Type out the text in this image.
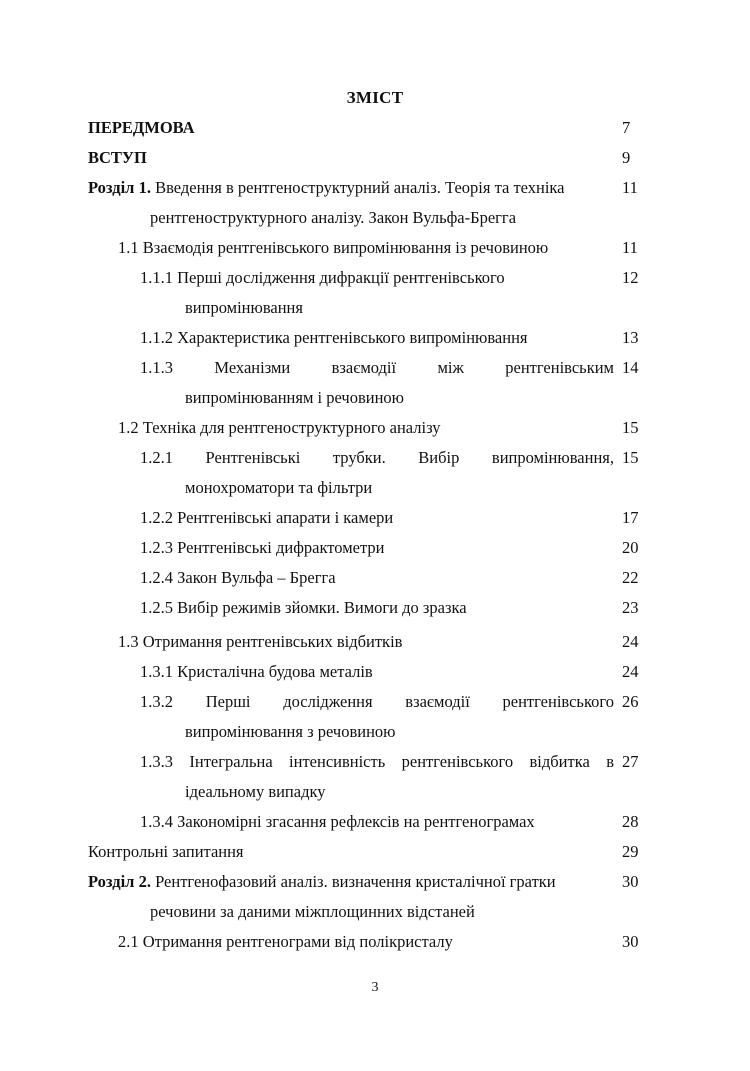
ЗМІСТ
ПЕРЕДМОВА	7
ВСТУП	9
Розділ 1. Введення в рентгеноструктурний аналіз. Теорія та техніка	11
рентгеноструктурного аналізу. Закон Вульфа-Брегга
1.1 Взаємодія рентгенівського випромінювання із речовиною	11
1.1.1 Перші дослідження дифракції рентгенівського	12
випромінювання
1.1.2 Характеристика рентгенівського випромінювання	13
1.1.3 Механізми взаємодії між рентгенівським 14
випромінюванням і речовиною
1.2 Техніка для рентгеноструктурного аналізу	15
1.2.1 Рентгенівські трубки. Вибір випромінювання, 15
монохроматори та фільтри
1.2.2 Рентгенівські апарати і камери	17
1.2.3 Рентгенівські дифрактометри	20
1.2.4 Закон Вульфа – Брегга	22
1.2.5 Вибір режимів зйомки. Вимоги до зразка	23
1.3 Отримання рентгенівських відбитків	24
1.3.1 Кристалічна будова металів	24
1.3.2 Перші дослідження взаємодії рентгенівського 26
випромінювання з речовиною
1.3.3 Інтегральна інтенсивність рентгенівського відбитка в 27
ідеальному випадку
1.3.4 Закономірні згасання рефлексів на рентгенограмах	28
Контрольні запитання	29
Розділ 2. Рентгенофазовий аналіз. визначення кристалічної гратки	30
речовини за даними міжплощинних відстаней
2.1 Отримання рентгенограми від полікристалу	30
3
